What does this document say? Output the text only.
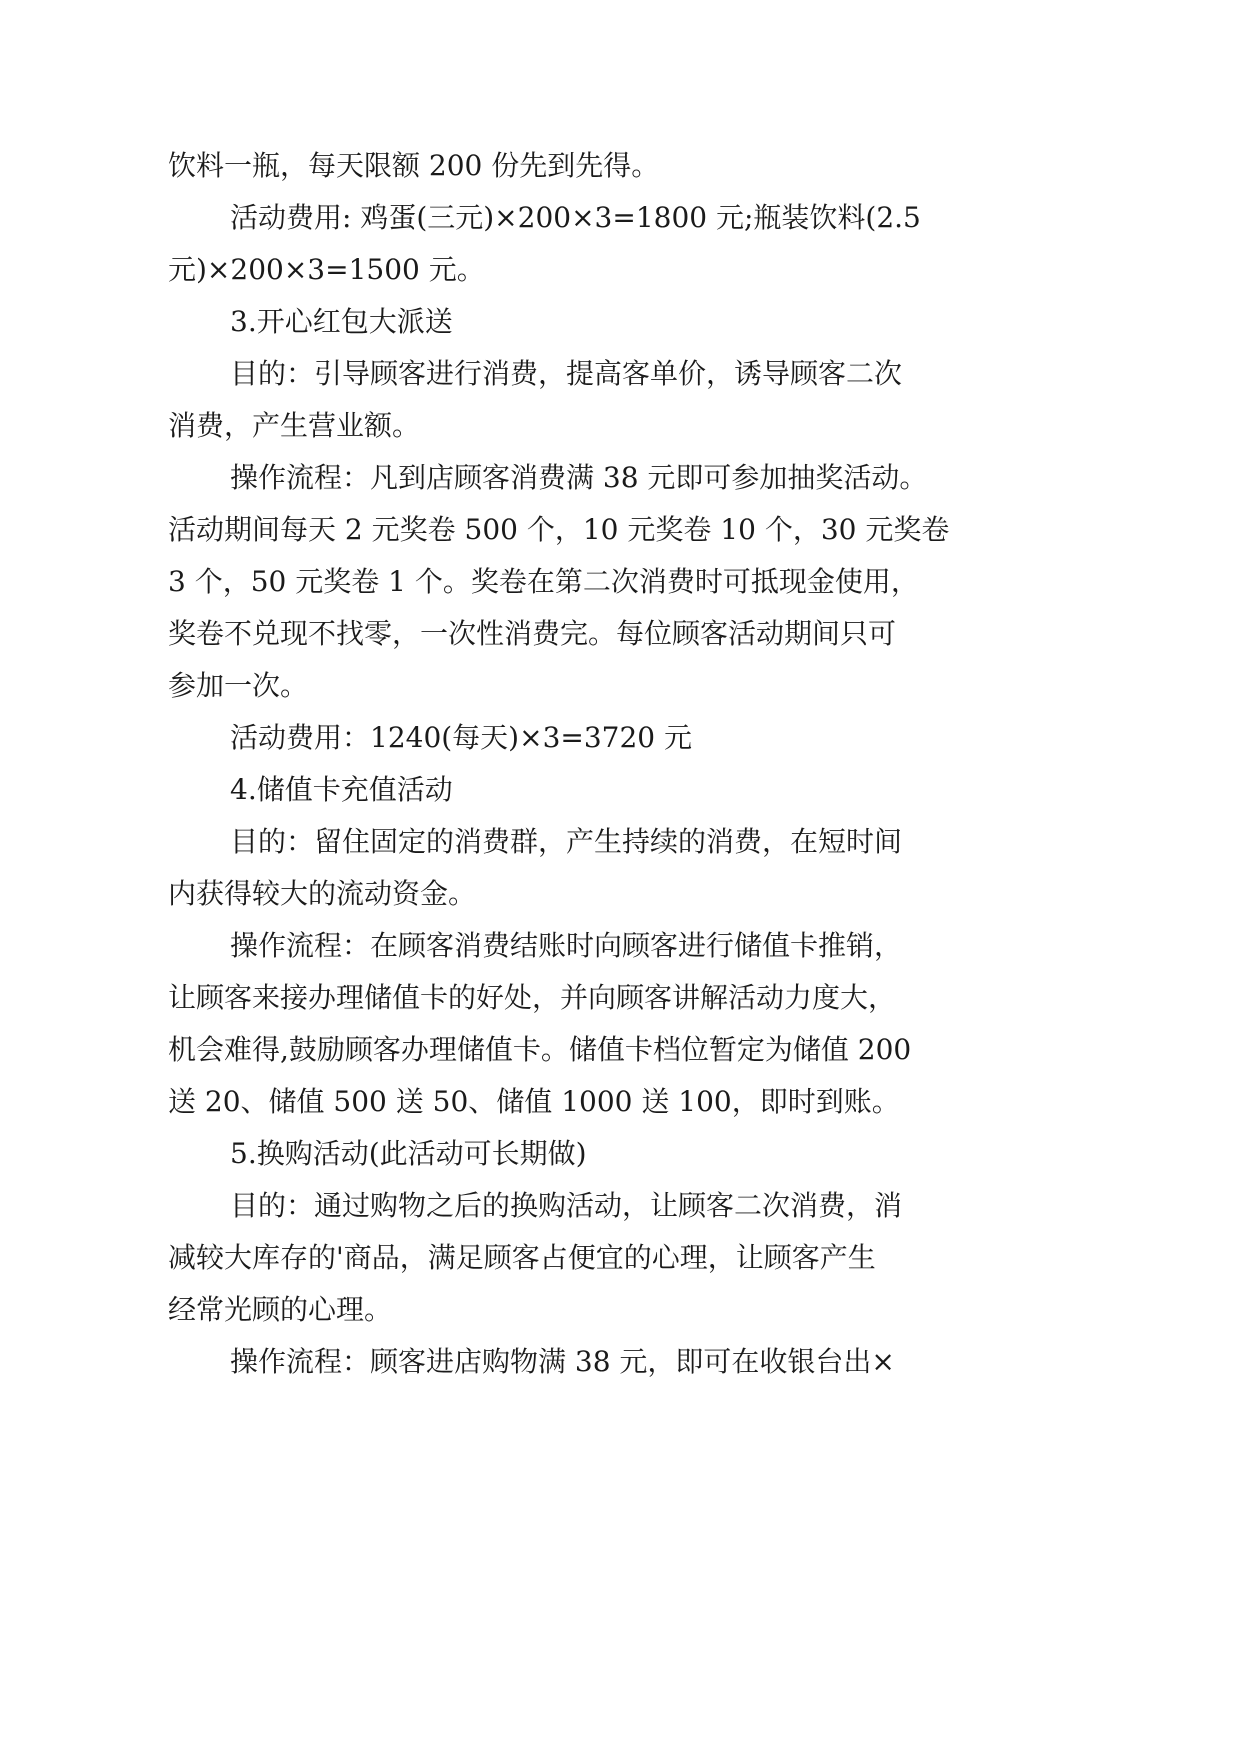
饮料一瓶，每天限额 200 份先到先得。
活动费用: 鸡蛋(三元)×200×3=1800 元;瓶装饮料(2.5
元)×200×3=1500 元。
3.开心红包大派送
目的：引导顾客进行消费，提高客单价，诱导顾客二次
消费，产生营业额。
操作流程：凡到店顾客消费满 38 元即可参加抽奖活动。
活动期间每天 2 元奖卷 500 个，10 元奖卷 10 个，30 元奖卷
3 个，50 元奖卷 1 个。奖卷在第二次消费时可抵现金使用，
奖卷不兑现不找零，一次性消费完。每位顾客活动期间只可
参加一次。
活动费用：1240(每天)×3=3720 元
4.储值卡充值活动
目的：留住固定的消费群，产生持续的消费，在短时间
内获得较大的流动资金。
操作流程：在顾客消费结账时向顾客进行储值卡推销，
让顾客来接办理储值卡的好处，并向顾客讲解活动力度大，
机会难得,鼓励顾客办理储值卡。储值卡档位暂定为储值 200
送 20、储值 500 送 50、储值 1000 送 100，即时到账。
5.换购活动(此活动可长期做)
目的：通过购物之后的换购活动，让顾客二次消费，消
减较大库存的'商品，满足顾客占便宜的心理，让顾客产生
经常光顾的心理。
操作流程：顾客进店购物满 38 元，即可在收银台出×
